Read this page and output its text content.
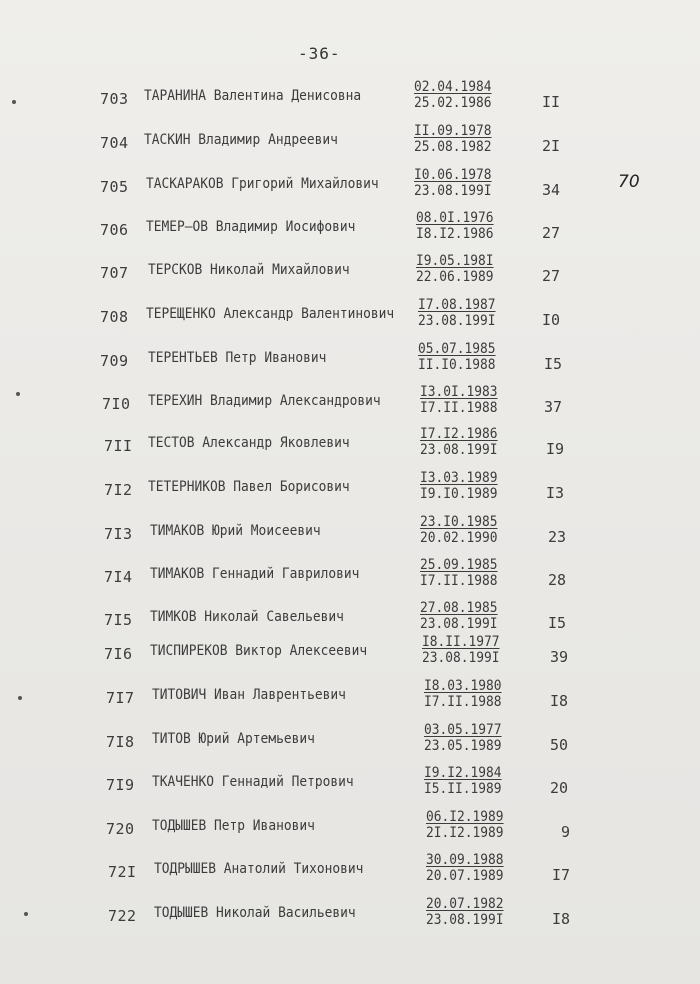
-36-
70
703 ТАРАНИНА Валентина Денисовна
02.04.1984
25.02.1986	II
704 ТАСКИН Владимир Андреевич
II.09.1978
25.08.1982	2I
705 ТАСКАРАКОВ Григорий Михайлович
I0.06.1978
23.08.199I	34
706 ТЕМЕР—ОВ Владимир Иосифович
08.0I.1976
I8.I2.1986	27
707 ТЕРСКОВ Николай Михайлович
I9.05.198I
22.06.1989	27
708 ТЕРЕЩЕНКО Александр Валентинович
I7.08.1987
23.08.199I	I0
709 ТЕРЕНТЬЕВ Петр Иванович
05.07.1985
II.I0.1988	I5
7I0 ТЕРЕХИН Владимир Александрович
I3.0I.1983
I7.II.1988	37
7II ТЕСТОВ Александр Яковлевич
I7.I2.1986
23.08.199I	I9
7I2 ТЕТЕРНИКОВ Павел Борисович
I3.03.1989
I9.I0.1989	I3
7I3 ТИМАКОВ Юрий Моисеевич
23.I0.1985
20.02.1990	23
7I4 ТИМАКОВ Геннадий Гаврилович
25.09.1985
I7.II.1988	28
7I5 ТИМКОВ Николай Савельевич
27.08.1985
23.08.199I	I5
7I6 ТИСПИРЕКОВ Виктор Алексеевич
I8.II.1977
23.08.199I	39
7I7 ТИТОВИЧ Иван Лаврентьевич
I8.03.1980
I7.II.1988	I8
7I8 ТИТОВ Юрий Артемьевич
03.05.1977
23.05.1989	50
7I9 ТКАЧЕНКО Геннадий Петрович
I9.I2.1984
I5.II.1989	20
720 ТОДЫШЕВ Петр Иванович
06.I2.1989
2I.I2.1989	9
72I ТОДРЫШЕВ Анатолий Тихонович
30.09.1988
20.07.1989	I7
722 ТОДЫШЕВ Николай Васильевич
20.07.1982
23.08.199I	I8
